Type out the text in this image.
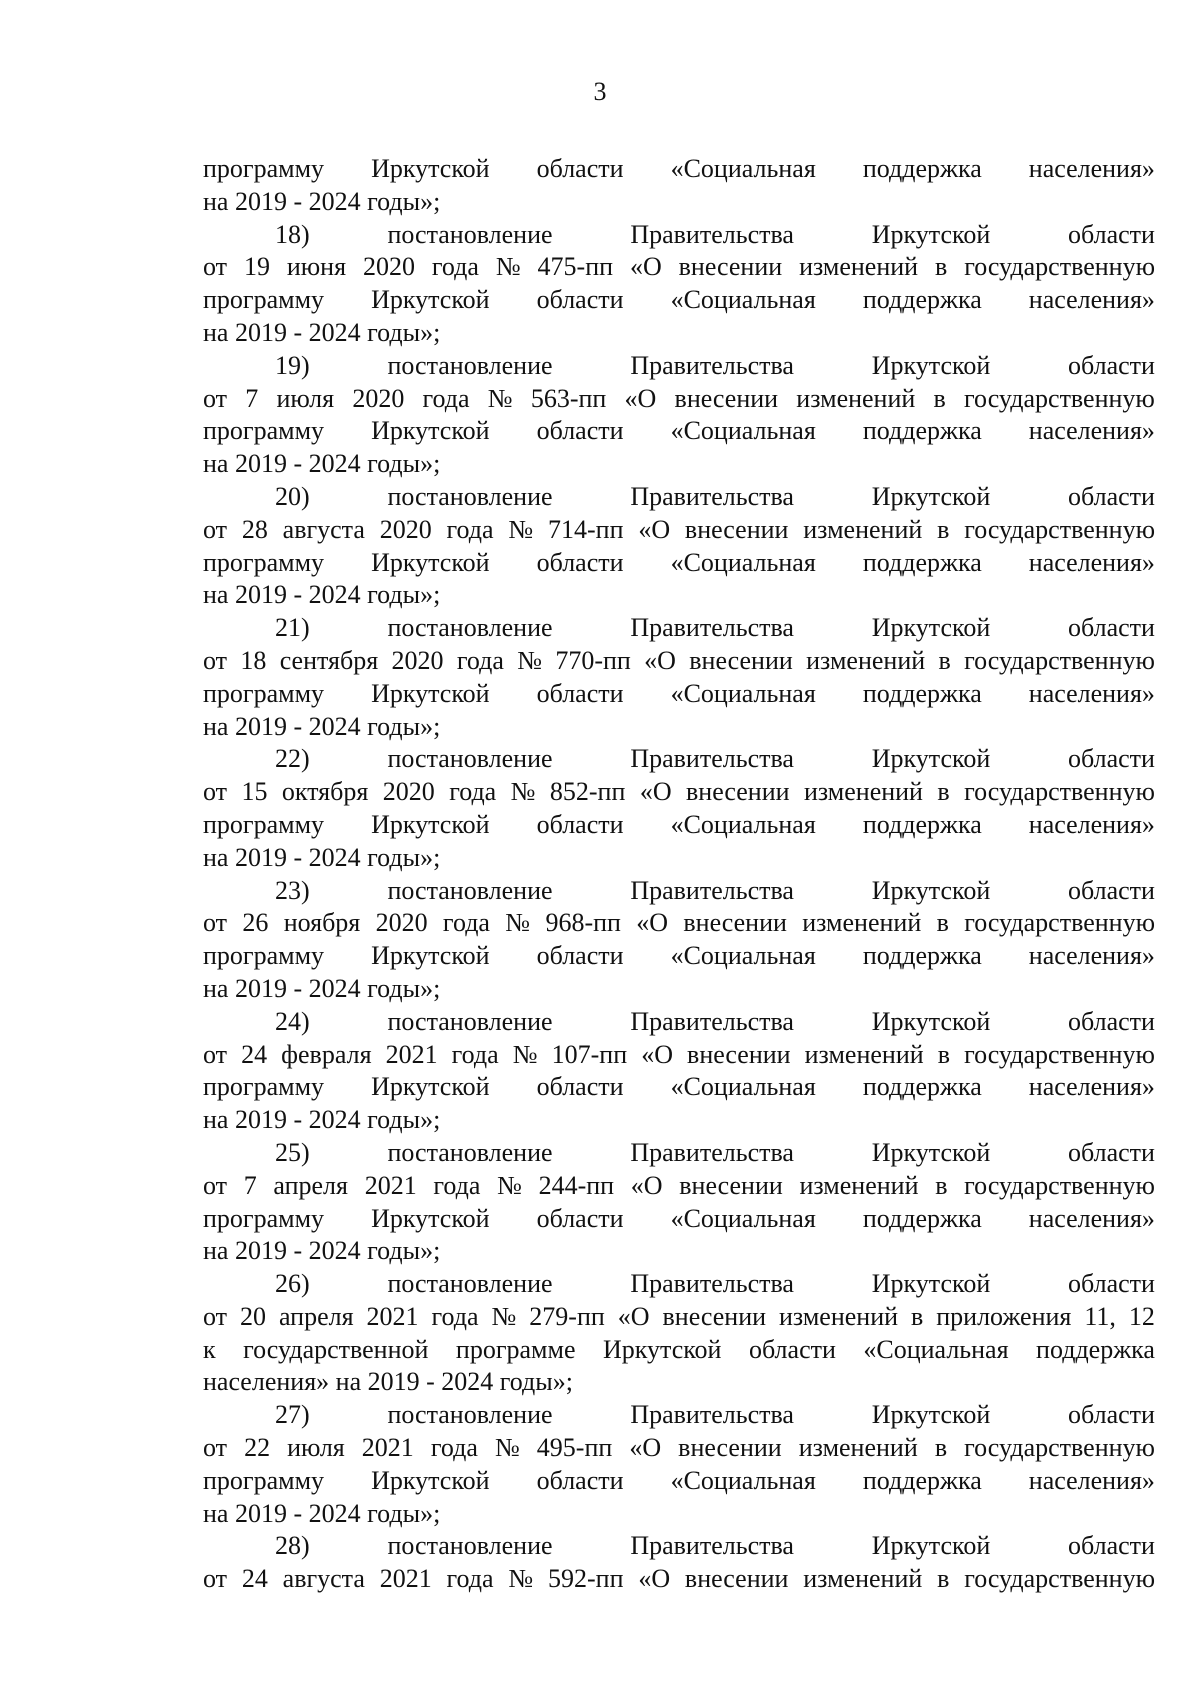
3
программу Иркутской области «Социальная поддержка населения»
на 2019 - 2024 годы»;
18)	постановление	Правительства	Иркутской	области
от 19 июня 2020 года № 475-пп «О внесении изменений в государственную
программу Иркутской области «Социальная поддержка населения»
на 2019 - 2024 годы»;
19)	постановление	Правительства	Иркутской	области
от 7 июля 2020 года № 563-пп «О внесении изменений в государственную
программу Иркутской области «Социальная поддержка населения»
на 2019 - 2024 годы»;
20)	постановление	Правительства	Иркутской	области
от 28 августа 2020 года № 714-пп «О внесении изменений в государственную
программу Иркутской области «Социальная поддержка населения»
на 2019 - 2024 годы»;
21)	постановление	Правительства	Иркутской	области
от 18 сентября 2020 года № 770-пп «О внесении изменений в государственную
программу Иркутской области «Социальная поддержка населения»
на 2019 - 2024 годы»;
22)	постановление	Правительства	Иркутской	области
от 15 октября 2020 года № 852-пп «О внесении изменений в государственную
программу Иркутской области «Социальная поддержка населения»
на 2019 - 2024 годы»;
23)	постановление	Правительства	Иркутской	области
от 26 ноября 2020 года № 968-пп «О внесении изменений в государственную
программу Иркутской области «Социальная поддержка населения»
на 2019 - 2024 годы»;
24)	постановление	Правительства	Иркутской	области
от 24 февраля 2021 года № 107-пп «О внесении изменений в государственную
программу Иркутской области «Социальная поддержка населения»
на 2019 - 2024 годы»;
25)	постановление	Правительства	Иркутской	области
от 7 апреля 2021 года № 244-пп «О внесении изменений в государственную
программу Иркутской области «Социальная поддержка населения»
на 2019 - 2024 годы»;
26)	постановление	Правительства	Иркутской	области
от 20 апреля 2021 года № 279-пп «О внесении изменений в приложения 11, 12
к государственной программе Иркутской области «Социальная поддержка
населения» на 2019 - 2024 годы»;
27)	постановление	Правительства	Иркутской	области
от 22 июля 2021 года № 495-пп «О внесении изменений в государственную
программу Иркутской области «Социальная поддержка населения»
на 2019 - 2024 годы»;
28)	постановление	Правительства	Иркутской	области
от 24 августа 2021 года № 592-пп «О внесении изменений в государственную
